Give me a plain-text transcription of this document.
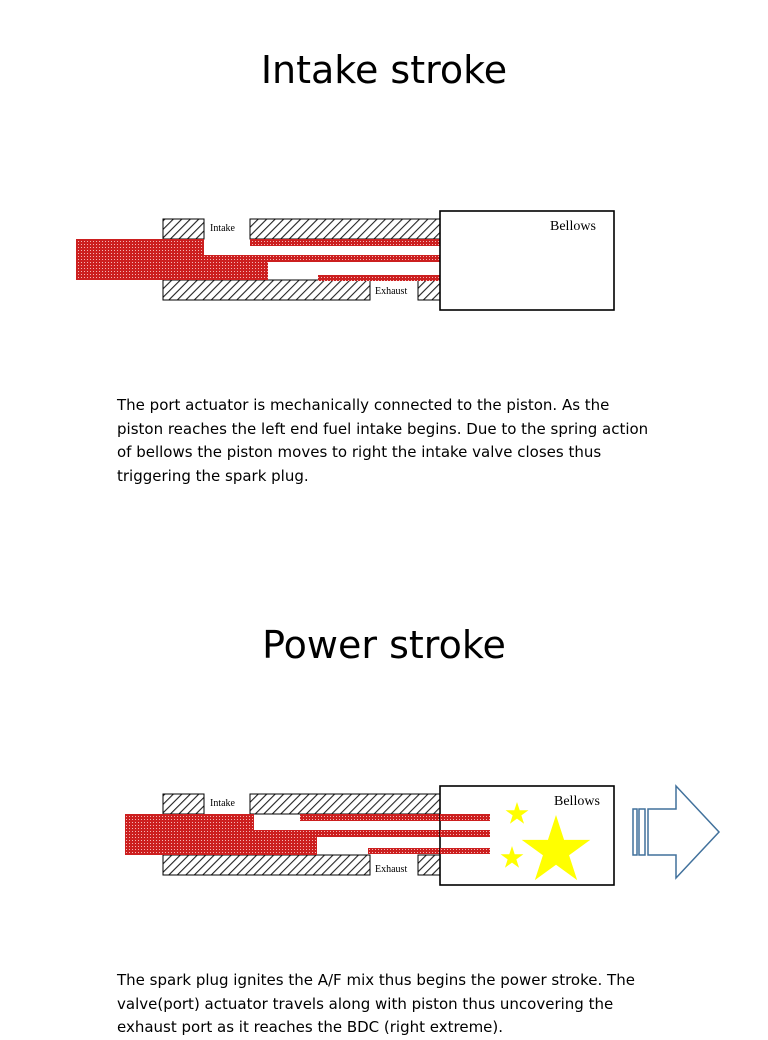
Intake stroke
Intake
Exhaust
Bellows

The port actuator is mechanically connected to the piston. As the piston reaches the left end fuel intake begins. Due to the spring action of bellows the piston moves to right the intake valve closes thus triggering the spark plug.

Power stroke
Intake
Exhaust
Bellows

The spark plug ignites the A/F mix thus begins the power stroke. The valve(port) actuator travels along with piston thus uncovering the exhaust port as it reaches the BDC (right extreme).
